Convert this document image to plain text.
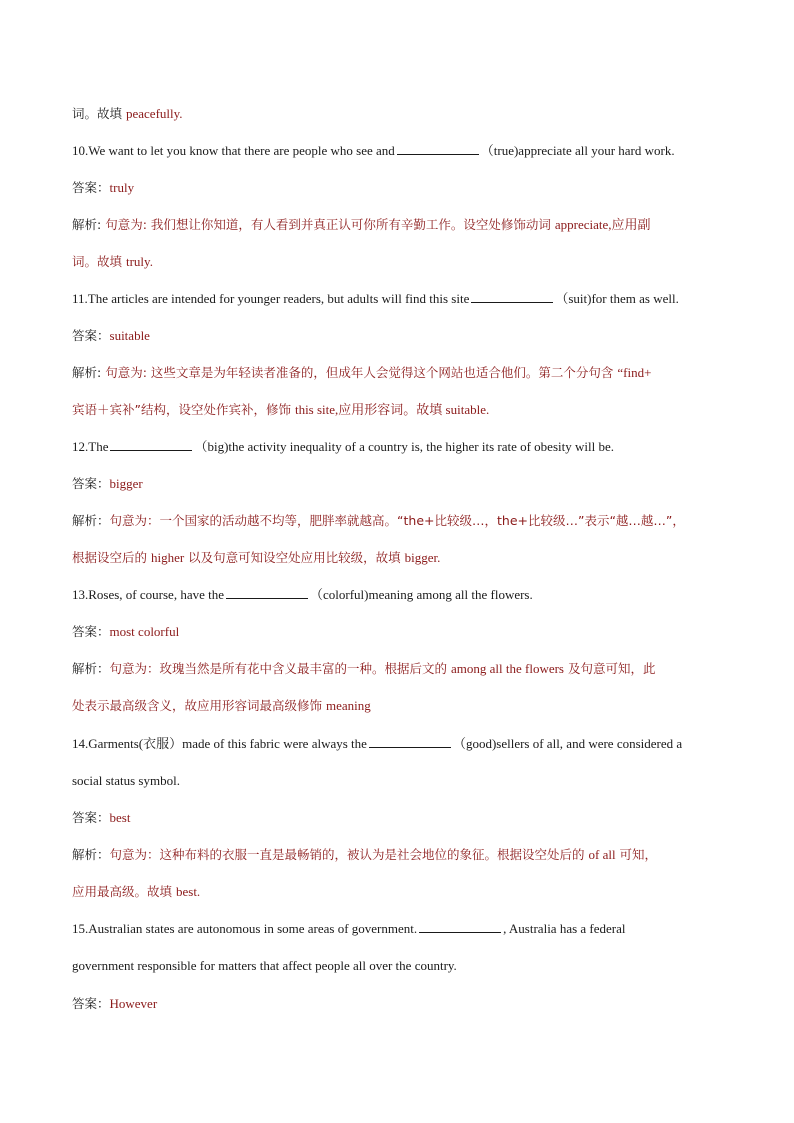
词。故填 peacefully.
10.We want to let you know that there are people who see and	（true)appreciate all your hard work.
答案：truly
解析: 句意为: 我们想让你知道，有人看到并真正认可你所有辛勤工作。设空处修饰动词 appreciate,应用副
词。故填 truly.
11.The articles are intended for younger readers, but adults will find this site	（suit)for them as well.
答案：suitable
解析: 句意为: 这些文章是为年轻读者准备的，但成年人会觉得这个网站也适合他们。第二个分句含 “find+
宾语＋宾补”结构，设空处作宾补，修饰 this site,应用形容词。故填 suitable.
12.The	（big)the activity inequality of a country is, the higher its rate of obesity will be.
答案：bigger
解析：句意为：一个国家的活动越不均等，肥胖率就越高。“the+比较级…，the+比较级…”表示“越…越…”，
根据设空后的 higher 以及句意可知设空处应用比较级，故填 bigger.
13.Roses, of course, have the	（colorful)meaning among all the flowers.
答案：most colorful
解析：句意为：玫瑰当然是所有花中含义最丰富的一种。根据后文的 among all the flowers 及句意可知，此
处表示最高级含义，故应用形容词最高级修饰 meaning
14.Garments(衣服）made of this fabric were always the	（good)sellers of all, and were considered a
social status symbol.
答案：best
解析：句意为：这种布料的衣服一直是最畅销的，被认为是社会地位的象征。根据设空处后的 of all 可知，
应用最高级。故填 best.
15.Australian states are autonomous in some areas of government.	, Australia has a federal
government responsible for matters that affect people all over the country.
答案：However
